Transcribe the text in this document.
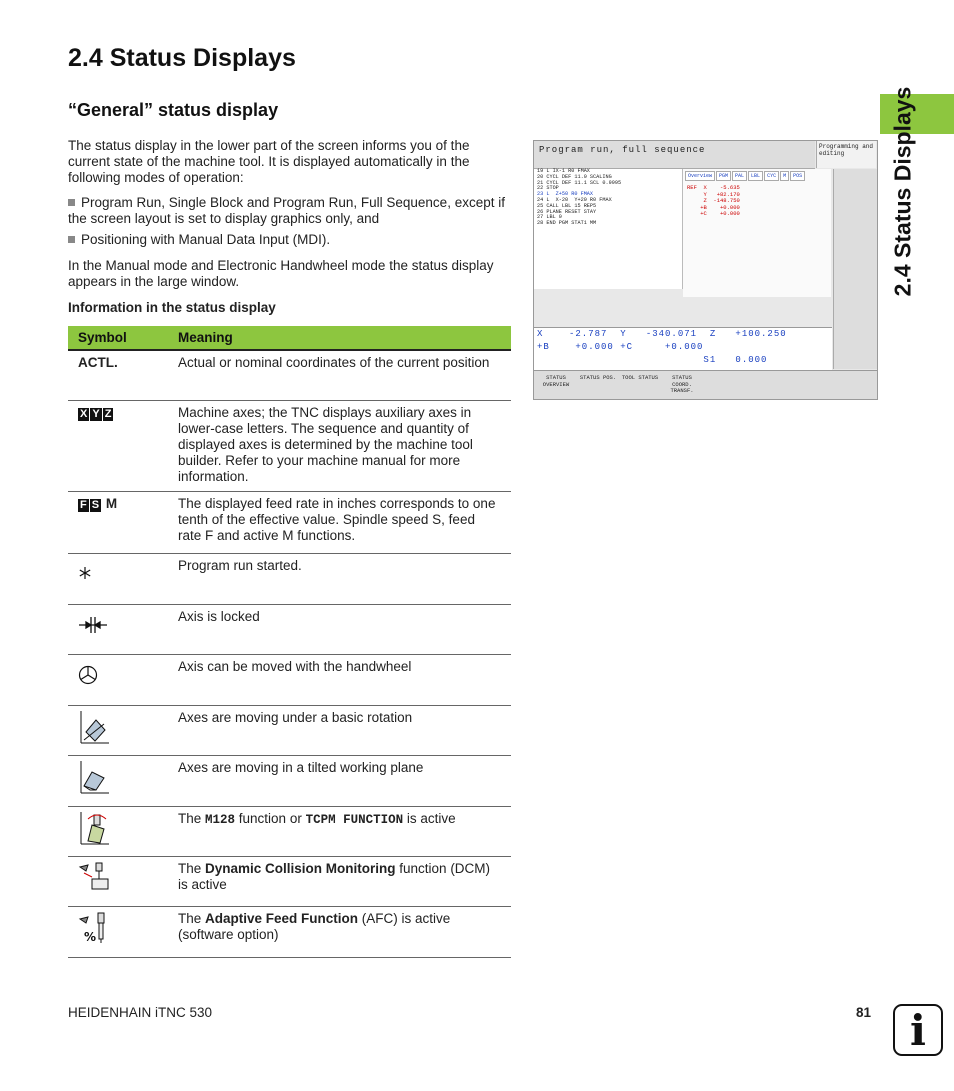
2.4 Status Displays
“General” status display	2.4 Status Displays
The status display in the lower part of the screen informs you of the current state of the machine tool. It is displayed automatically in the following modes of operation:
Program Run, Single Block and Program Run, Full Sequence, except if the screen layout is set to display graphics only, and
Positioning with Manual Data Input (MDI).
In the Manual mode and Electronic Handwheel mode the status display appears in the large window.
Information in the status display
Symbol	Meaning
ACTL.	Actual or nominal coordinates of the current position
X Y Z	Machine axes; the TNC displays auxiliary axes in lower-case letters. The sequence and quantity of displayed axes is determined by the machine tool builder. Refer to your machine manual for more information.
F S M	The displayed feed rate in inches corresponds to one tenth of the effective value. Spindle speed S, feed rate F and active M functions.

	Program run started.

	Axis is locked

	Axis can be moved with the handwheel

	Axes are moving under a basic rotation

	Axes are moving in a tilted working plane

	The M128 function or TCPM FUNCTION is active

	The Dynamic Collision Monitoring function (DCM) is active

%	The Adaptive Feed Function (AFC) is active (software option)
Program run, full sequence	Programming and editing
19 L IX-1 R0 FMAX
20 CYCL DEF 11.0 SCALING
21 CYCL DEF 11.1 SCL 0.9995
22 STOP
23 L  Z+50 R0 FMAX
24 L  X-20  Y+20 R0 FMAX
25 CALL LBL 15 REP5
26 PLANE RESET STAY
27 LBL 0
28 END PGM STAT1 MM
Overview PGM PAL LBL CYC M POS
REF  X    -5.635
Y   +82.170
Z  -148.750
+B    +0.000
+C    +0.000
X    -2.787  Y   -340.071  Z   +100.250
+B    +0.000 +C     +0.000
S1   0.000
STATUS OVERVIEW
STATUS POS.	TOOL STATUS	STATUS COORD. TRANSF.
HEIDENHAIN iTNC 530	81 i
